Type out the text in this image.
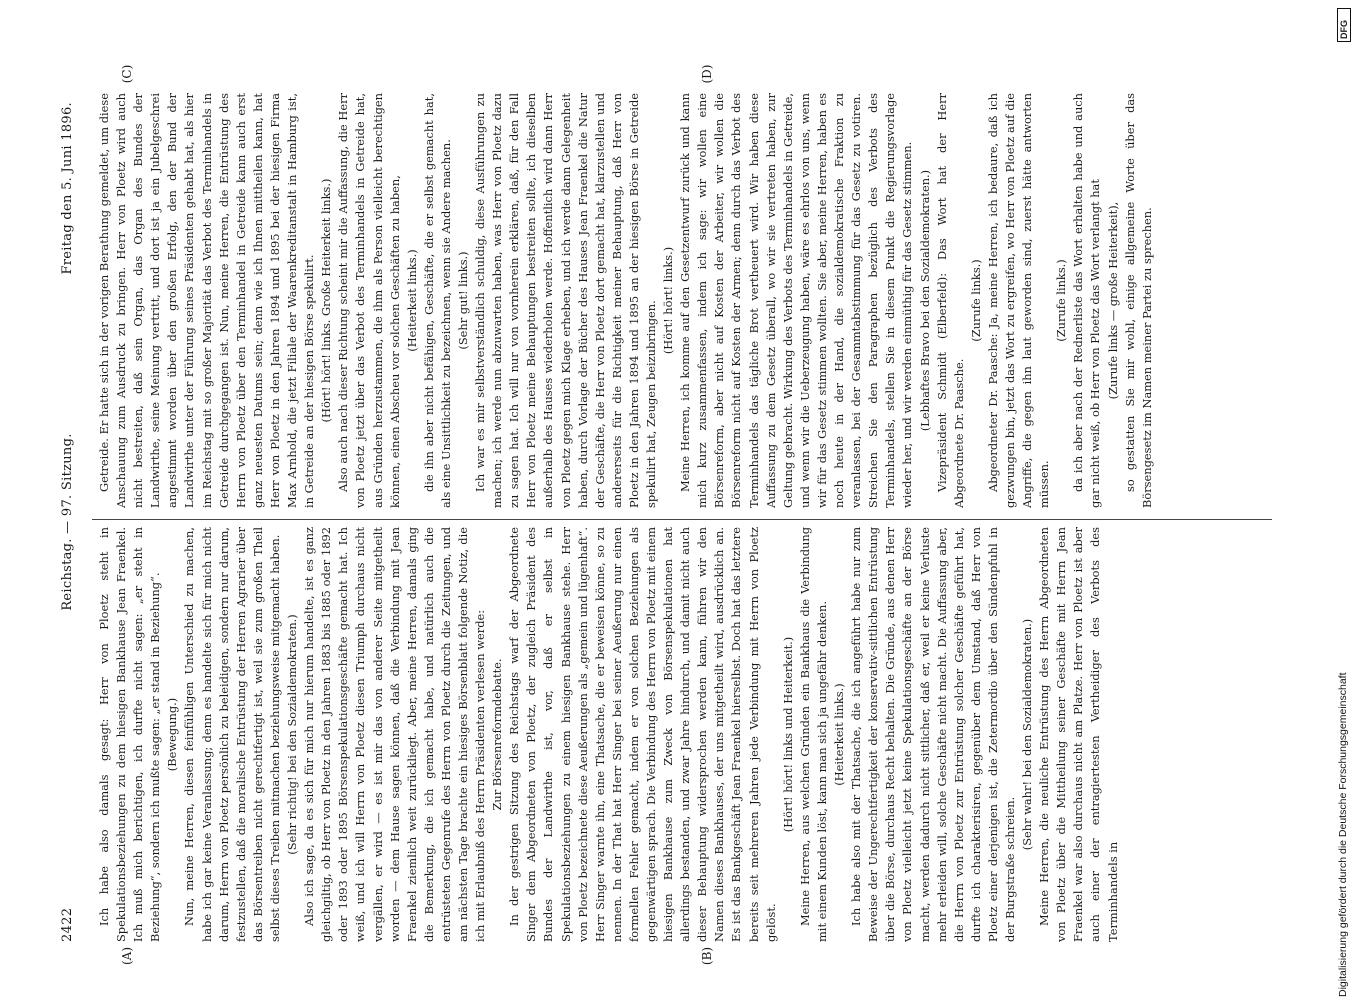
2422
Reichstag. — 97. Sitzung.
Freitag den 5. Juni 1896.
(A)	(B)
(C)	(D)

Ich habe also damals gesagt: Herr von Ploetz steht in Spekulationsbeziehungen zu dem hiesigen Bankhause Jean Fraenkel. Ich muß mich berichtigen, ich durfte nicht sagen: „er steht in Beziehung“, sondern ich mußte sagen: „er stand in Beziehung“. (Bewegung.) Nun, meine Herren, diesen feinfühligen Unterschied zu machen, habe ich gar keine Veranlassung; denn es handelte sich für mich nicht darum, Herrn von Ploetz persönlich zu beleidigen, sondern nur darum, festzustellen, daß die moralische Entrüstung der Herren Agrarier über das Börsentreiben nicht gerechtfertigt ist, weil sie zum großen Theil selbst dieses Treiben mitmachen beziehungsweise mitgemacht haben. (Sehr richtig! bei den Sozialdemokraten.) Also ich sage, da es sich für mich nur hierum handelte, ist es ganz gleichgiltig, ob Herr von Ploetz in den Jahren 1883 bis 1885 oder 1892 oder 1893 oder 1895 Börsenspekulationsgeschäfte gemacht hat. Ich weiß, und ich will Herrn von Ploetz diesen Triumph durchaus nicht vergällen, er wird — es ist mir das von anderer Seite mitgetheilt worden — dem Hause sagen können, daß die Verbindung mit Jean Fraenkel ziemlich weit zurückliegt. Aber, meine Herren, damals ging die Bemerkung, die ich gemacht habe, und natürlich auch die entrüsteten Gegenrufe des Herrn von Ploetz durch die Zeitungen, und am nächsten Tage brachte ein hiesiges Börsenblatt folgende Notiz, die ich mit Erlaubniß des Herrn Präsidenten verlesen werde: Zur Börsenreformdebatte. In der gestrigen Sitzung des Reichstags warf der Abgeordnete Singer dem Abgeordneten von Ploetz, der zugleich Präsident des Bundes der Landwirthe ist, vor, daß er selbst in Spekulationsbeziehungen zu einem hiesigen Bankhause stehe. Herr von Ploetz bezeichnete diese Aeußerungen als „gemein und lügenhaft“. Herr Singer warnte ihn, eine Thatsache, die er beweisen könne, so zu nennen. In der That hat Herr Singer bei seiner Aeußerung nur einen formellen Fehler gemacht, indem er von solchen Beziehungen als gegenwärtigen sprach. Die Verbindung des Herrn von Ploetz mit einem hiesigen Bankhause zum Zweck von Börsenspekulationen hat allerdings bestanden, und zwar Jahre hindurch, und damit nicht auch dieser Behauptung widersprochen werden kann, führen wir den Namen dieses Bankhauses, der uns mitgetheilt wird, ausdrücklich an. Es ist das Bankgeschäft Jean Fraenkel hierselbst. Doch hat das letztere bereits seit mehreren Jahren jede Verbindung mit Herrn von Ploetz gelöst.

(Hört! hört! links und Heiterkeit.) Meine Herren, aus welchen Gründen ein Bankhaus die Verbindung mit einem Kunden löst, kann man sich ja ungefähr denken. (Heiterkeit links.) Ich habe also mit der Thatsache, die ich angeführt habe nur zum Beweise der Ungerechtfertigkeit der konservativ-sittlichen Entrüstung über die Börse, durchaus Recht behalten. Die Gründe, aus denen Herr von Ploetz vielleicht jetzt keine Spekulationsgeschäfte an der Börse macht, werden dadurch nicht sittlicher, daß er, weil er keine Verluste mehr erleiden will, solche Geschäfte nicht macht. Die Auffassung aber, die Herrn von Ploetz zur Entrüstung solcher Geschäfte geführt hat, durfte ich charakterisiren, gegenüber dem Umstand, daß Herr von Ploetz einer derjenigen ist, die Zetermordio über den Sündenpfuhl in der Burgstraße schreien.

(Sehr wahr! bei den Sozialdemokraten.) Meine Herren, die neuliche Entrüstung des Herrn Abgeordneten von Ploetz über die Mittheilung seiner Geschäfte mit Herrn Jean Fraenkel war also durchaus nicht am Platze. Herr von Ploetz ist aber auch einer der entragiertesten Vertheidiger des Verbots des Terminhandels in

Getreide. Er hatte sich in der vorigen Berathung gemeldet, um diese Anschauung zum Ausdruck zu bringen. Herr von Ploetz wird auch nicht bestreiten, daß sein Organ, das Organ des Bundes der Landwirthe, seine Meinung vertritt, und dort ist ja ein Jubelgeschrei angestimmt worden über den großen Erfolg, den der Bund der Landwirthe unter der Führung seines Präsidenten gehabt hat, als hier im Reichstag mit so großer Majorität das Verbot des Terminhandels in Getreide durchgegangen ist. Nun, meine Herren, die Entrüstung des Herrn von Ploetz über den Terminhandel in Getreide kann auch erst ganz neuesten Datums sein; denn wie ich Ihnen mittheilen kann, hat Herr von Ploetz in den Jahren 1894 und 1895 bei der hiesigen Firma Max Arnhold, die jetzt Filiale der Waarenkreditanstalt in Hamburg ist, in Getreide an der hiesigen Börse spekulirt. (Hört! hört! links. Große Heiterkeit links.) Also auch nach dieser Richtung scheint mir die Auffassung, die Herr von Ploetz jetzt über das Verbot des Terminhandels in Getreide hat, aus Gründen herzustammen, die ihm als Person vielleicht berechtigen können, einen Abscheu vor solchen Geschäften zu haben, (Heiterkeit links.) die ihn aber nicht befähigen, Geschäfte, die er selbst gemacht hat, als eine Unsittlichkeit zu bezeichnen, wenn sie Andere machen. (Sehr gut! links.) Ich war es mir selbstverständlich schuldig, diese Ausführungen zu machen; ich werde nun abzuwarten haben, was Herr von Ploetz dazu zu sagen hat. Ich will nur von vornherein erklären, daß, für den Fall Herr von Ploetz meine Behauptungen bestreiten sollte, ich dieselben außerhalb des Hauses wiederholen werde. Hoffentlich wird dann Herr von Ploetz gegen mich Klage erheben, und ich werde dann Gelegenheit haben, durch Vorlage der Bücher des Hauses Jean Fraenkel die Natur der Geschäfte, die Herr von Ploetz dort gemacht hat, klarzustellen und andererseits für die Richtigkeit meiner Behauptung, daß Herr von Ploetz in den Jahren 1894 und 1895 an der hiesigen Börse in Getreide spekulirt hat, Zeugen beizubringen. (Hört! hört! links.) Meine Herren, ich komme auf den Gesetzentwurf zurück und kann mich kurz zusammenfassen, indem ich sage: wir wollen eine Börsenreform, aber nicht auf Kosten der Arbeiter, wir wollen die Börsenreform nicht auf Kosten der Armen; denn durch das Verbot des Terminhandels das tägliche Brot vertheuert wird. Wir haben diese Auffassung zu dem Gesetz überall, wo wir sie vertreten haben, zur Geltung gebracht. Wirkung des Verbots des Terminhandels in Getreide, und wenn wir die Ueberzeugung haben, wäre es ehrlos von uns, wenn wir für das Gesetz stimmen wollten. Sie aber, meine Herren, haben es noch heute in der Hand, die sozialdemokratische Fraktion zu veranlassen, bei der Gesammtabstimmung für das Gesetz zu votiren. Streichen Sie den Paragraphen bezüglich des Verbots des Terminhandels, stellen Sie in diesem Punkt die Regierungsvorlage wieder her, und wir werden einmüthig für das Gesetz stimmen. (Lebhaftes Bravo bei den Sozialdemokraten.) Vizepräsident Schmidt (Elberfeld): Das Wort hat der Herr Abgeordnete Dr. Paasche.

(Zurufe links.) Abgeordneter Dr. Paasche: Ja, meine Herren, ich bedaure, daß ich gezwungen bin, jetzt das Wort zu ergreifen, wo Herr von Ploetz auf die Angriffe, die gegen ihn laut geworden sind, zuerst hätte antworten müssen.

(Zurufe links.) da ich aber nach der Rednerliste das Wort erhalten habe und auch gar nicht weiß, ob Herr von Ploetz das Wort verlangt hat (Zurufe links — große Heiterkeit), so gestatten Sie mir wohl, einige allgemeine Worte über das Börsengesetz im Namen meiner Partei zu sprechen.

Digitalisierung gefördert durch die Deutsche Forschungsgemeinschaft
DFG
